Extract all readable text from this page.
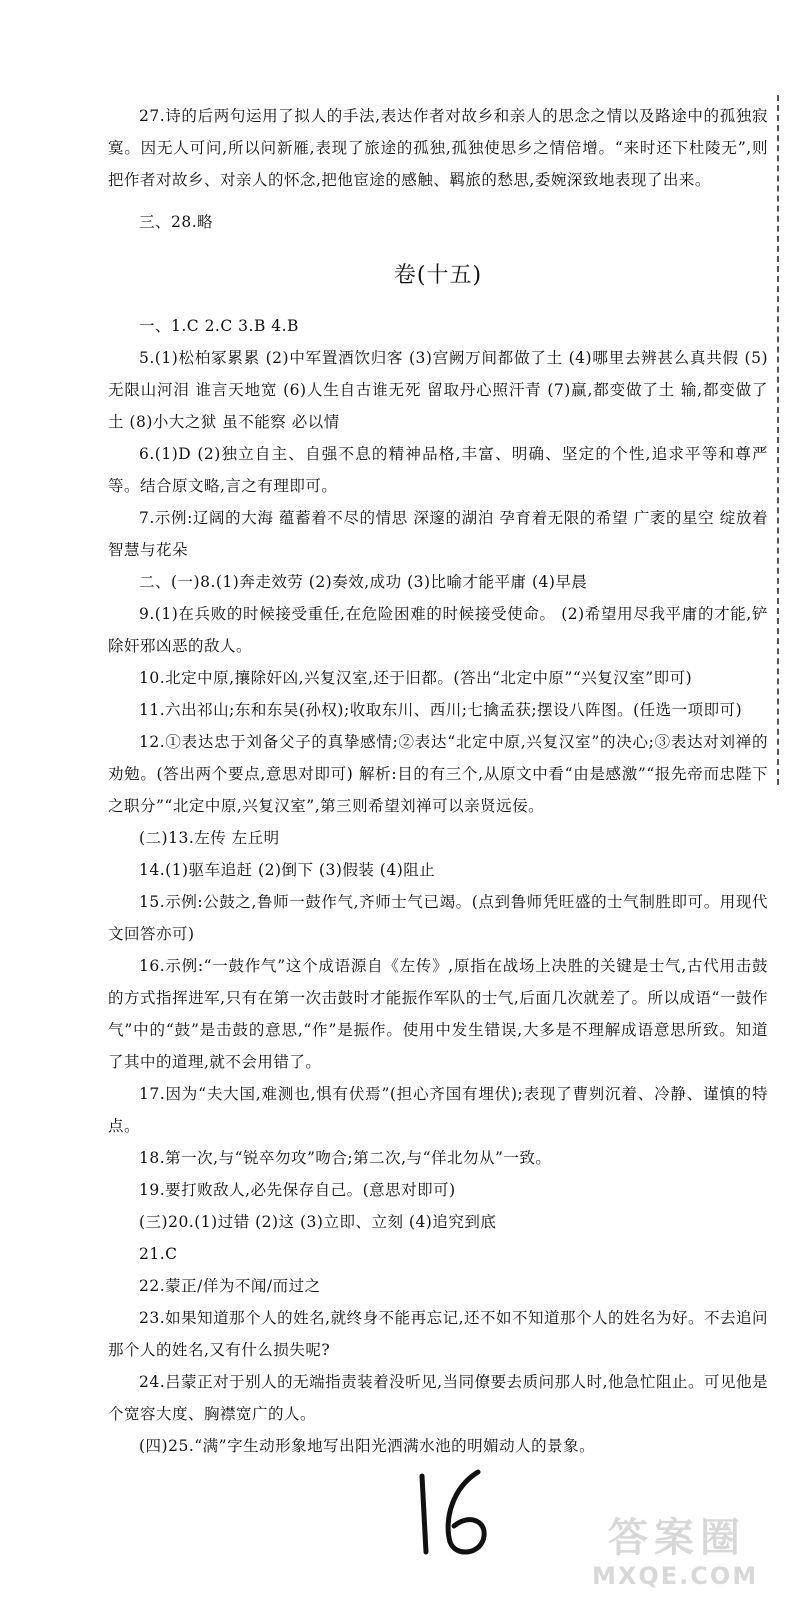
27.诗的后两句运用了拟人的手法,表达作者对故乡和亲人的思念之情以及路途中的孤独寂寞。因无人可问,所以问新雁,表现了旅途的孤独,孤独使思乡之情倍增。“来时还下杜陵无”,则把作者对故乡、对亲人的怀念,把他宦途的感触、羁旅的愁思,委婉深致地表现了出来。

三、28.略

卷(十五)

一、1.C 2.C 3.B 4.B

5.(1)松柏冢累累 (2)中军置酒饮归客 (3)宫阙万间都做了土 (4)哪里去辨甚么真共假 (5)无限山河泪 谁言天地宽 (6)人生自古谁无死 留取丹心照汗青 (7)赢,都变做了土 输,都变做了土 (8)小大之狱 虽不能察 必以情

6.(1)D (2)独立自主、自强不息的精神品格,丰富、明确、坚定的个性,追求平等和尊严等。结合原文略,言之有理即可。

7.示例:辽阔的大海 蕴蓄着不尽的情思 深邃的湖泊 孕育着无限的希望 广袤的星空 绽放着智慧与花朵

二、(一)8.(1)奔走效劳 (2)奏效,成功 (3)比喻才能平庸 (4)早晨

9.(1)在兵败的时候接受重任,在危险困难的时候接受使命。 (2)希望用尽我平庸的才能,铲除奸邪凶恶的敌人。

10.北定中原,攘除奸凶,兴复汉室,还于旧都。(答出“北定中原”“兴复汉室”即可)

11.六出祁山;东和东吴(孙权);收取东川、西川;七擒孟获;摆设八阵图。(任选一项即可)

12.①表达忠于刘备父子的真挚感情;②表达“北定中原,兴复汉室”的决心;③表达对刘禅的劝勉。(答出两个要点,意思对即可) 解析:目的有三个,从原文中看“由是感激”“报先帝而忠陛下之职分”“北定中原,兴复汉室”,第三则希望刘禅可以亲贤远佞。

(二)13.左传 左丘明

14.(1)驱车追赶 (2)倒下 (3)假装 (4)阻止

15.示例:公鼓之,鲁师一鼓作气,齐师士气已竭。(点到鲁师凭旺盛的士气制胜即可。用现代文回答亦可)

16.示例:“一鼓作气”这个成语源自《左传》,原指在战场上决胜的关键是士气,古代用击鼓的方式指挥进军,只有在第一次击鼓时才能振作军队的士气,后面几次就差了。所以成语“一鼓作气”中的“鼓”是击鼓的意思,“作”是振作。使用中发生错误,大多是不理解成语意思所致。知道了其中的道理,就不会用错了。

17.因为“夫大国,难测也,惧有伏焉”(担心齐国有埋伏);表现了曹刿沉着、冷静、谨慎的特点。

18.第一次,与“锐卒勿攻”吻合;第二次,与“佯北勿从”一致。

19.要打败敌人,必先保存自己。(意思对即可)

(三)20.(1)过错 (2)这 (3)立即、立刻 (4)追究到底

21.C

22.蒙正/佯为不闻/而过之

23.如果知道那个人的姓名,就终身不能再忘记,还不如不知道那个人的姓名为好。不去追问那个人的姓名,又有什么损失呢?

24.吕蒙正对于别人的无端指责装着没听见,当同僚要去质问那人时,他急忙阻止。可见他是个宽容大度、胸襟宽广的人。

(四)25.“满”字生动形象地写出阳光洒满水池的明媚动人的景象。

答案圈
MXQE.COM
